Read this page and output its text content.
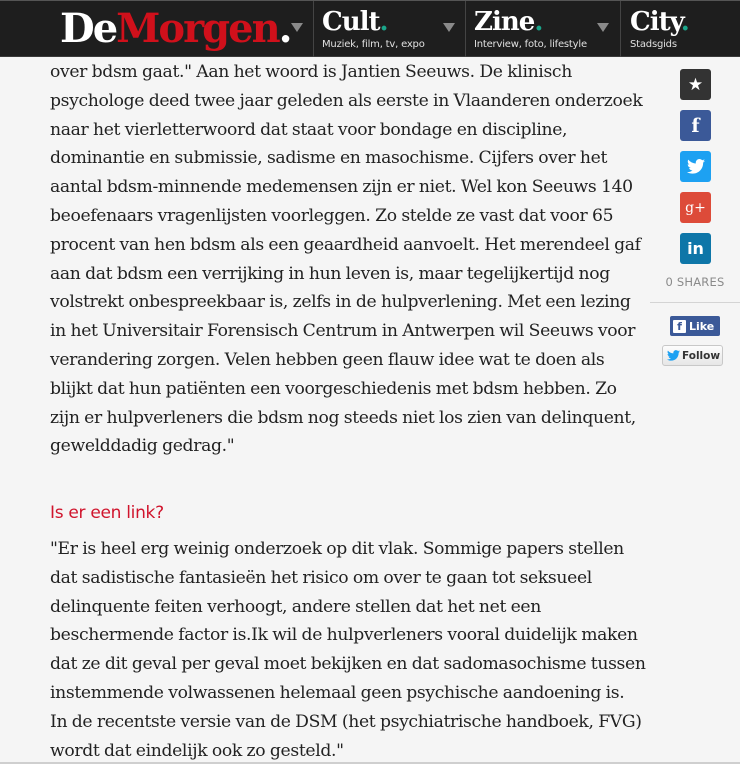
DeMorgen. Cult.
Muziek, film, tv, expo
Zine.
Interview, foto, lifestyle
City.
Stadsgids
over bdsm gaat." Aan het woord is Jantien Seeuws. De klinisch
psychologe deed twee jaar geleden als eerste in Vlaanderen onderzoek
naar het vierletterwoord dat staat voor bondage en discipline,
dominantie en submissie, sadisme en masochisme. Cijfers over het
aantal bdsm-minnende medemensen zijn er niet. Wel kon Seeuws 140
beoefenaars vragenlijsten voorleggen. Zo stelde ze vast dat voor 65
procent van hen bdsm als een geaardheid aanvoelt. Het merendeel gaf
aan dat bdsm een verrijking in hun leven is, maar tegelijkertijd nog
volstrekt onbespreekbaar is, zelfs in de hulpverlening. Met een lezing
in het Universitair Forensisch Centrum in Antwerpen wil Seeuws voor
verandering zorgen. Velen hebben geen flauw idee wat te doen als
blijkt dat hun patiënten een voorgeschiedenis met bdsm hebben. Zo
zijn er hulpverleners die bdsm nog steeds niet los zien van delinquent,
gewelddadig gedrag."
Is er een link?
"Er is heel erg weinig onderzoek op dit vlak. Sommige papers stellen
dat sadistische fantasieën het risico om over te gaan tot seksueel
delinquente feiten verhoogt, andere stellen dat het net een
beschermende factor is.Ik wil de hulpverleners vooral duidelijk maken
dat ze dit geval per geval moet bekijken en dat sadomasochisme tussen
instemmende volwassenen helemaal geen psychische aandoening is.
In de recentste versie van de DSM (het psychiatrische handboek, FVG)
wordt dat eindelijk ook zo gesteld."
★
f
g+
in
0 SHARES
f Like
Follow
